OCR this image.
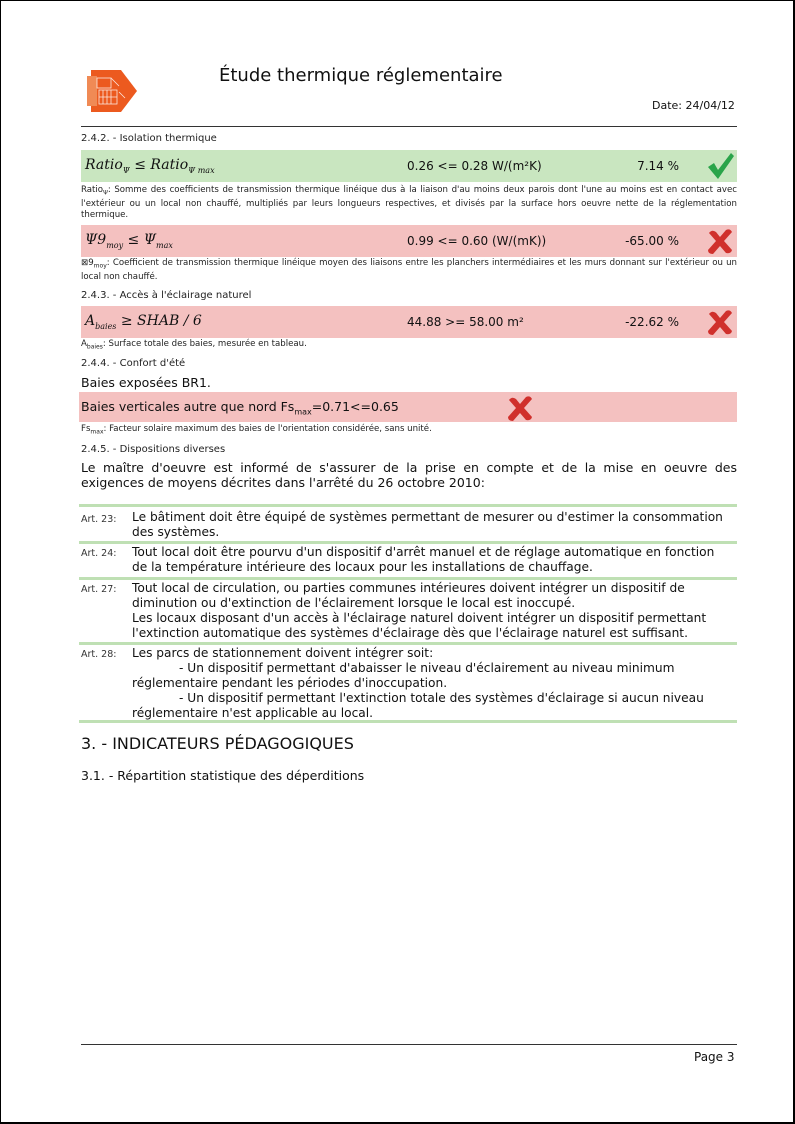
Étude thermique réglementaire
Date: 24/04/12
2.4.2. - Isolation thermique
Ratio$_\Psi$ ≤ Ratio$_{\Psi max}$	0.26 <= 0.28 W/(m²K)	7.14 %
Ratio$_\Psi$: Somme des coefficients de transmission thermique linéique dus à la liaison d'au moins deux parois dont l'une au moins est en contact avec l'extérieur ou un local non chauffé, multipliés par leurs longueurs respectives, et divisés par la surface hors oeuvre nette de la réglementation thermique.
$\Psi 9_{moy} \le \Psi_{max}$	0.99 <= 0.60 (W/(mK))	-65.00 %
$⊠9_{moy}$: Coefficient de transmission thermique linéique moyen des liaisons entre les planchers intermédiaires et les murs donnant sur l'extérieur ou un local non chauffé.
2.4.3. - Accès à l'éclairage naturel
$A_{baies}$ ≥ SHAB / 6	44.88 >= 58.00 m²	-22.62 %
$A_{baies}$: Surface totale des baies, mesurée en tableau.
2.4.4. - Confort d'été
Baies exposées BR1.
Baies verticales autre que nord $Fs_{max}=0.71<=0.65$
$Fs_{max}$: Facteur solaire maximum des baies de l'orientation considérée, sans unité.
2.4.5. - Dispositions diverses
Le maître d'oeuvre est informé de s'assurer de la prise en compte et de la mise en oeuvre des exigences de moyens décrites dans l'arrêté du 26 octobre 2010:
Art. 23: Le bâtiment doit être équipé de systèmes permettant de mesurer ou d'estimer la consommation des systèmes.
Art. 24: Tout local doit être pourvu d'un dispositif d'arrêt manuel et de réglage automatique en fonction de la température intérieure des locaux pour les installations de chauffage.
Art. 27: Tout local de circulation, ou parties communes intérieures doivent intégrer un dispositif de diminution ou d'extinction de l'éclairement lorsque le local est inoccupé.
Les locaux disposant d'un accès à l'éclairage naturel doivent intégrer un dispositif permettant l'extinction automatique des systèmes d'éclairage dès que l'éclairage naturel est suffisant.
Art. 28: Les parcs de stationnement doivent intégrer soit:
- Un dispositif permettant d'abaisser le niveau d'éclairement au niveau minimum
réglementaire pendant les périodes d'inoccupation.
- Un dispositif permettant l'extinction totale des systèmes d'éclairage si aucun niveau
réglementaire n'est applicable au local.
3. - INDICATEURS PÉDAGOGIQUES
3.1. - Répartition statistique des déperditions
Page 3
